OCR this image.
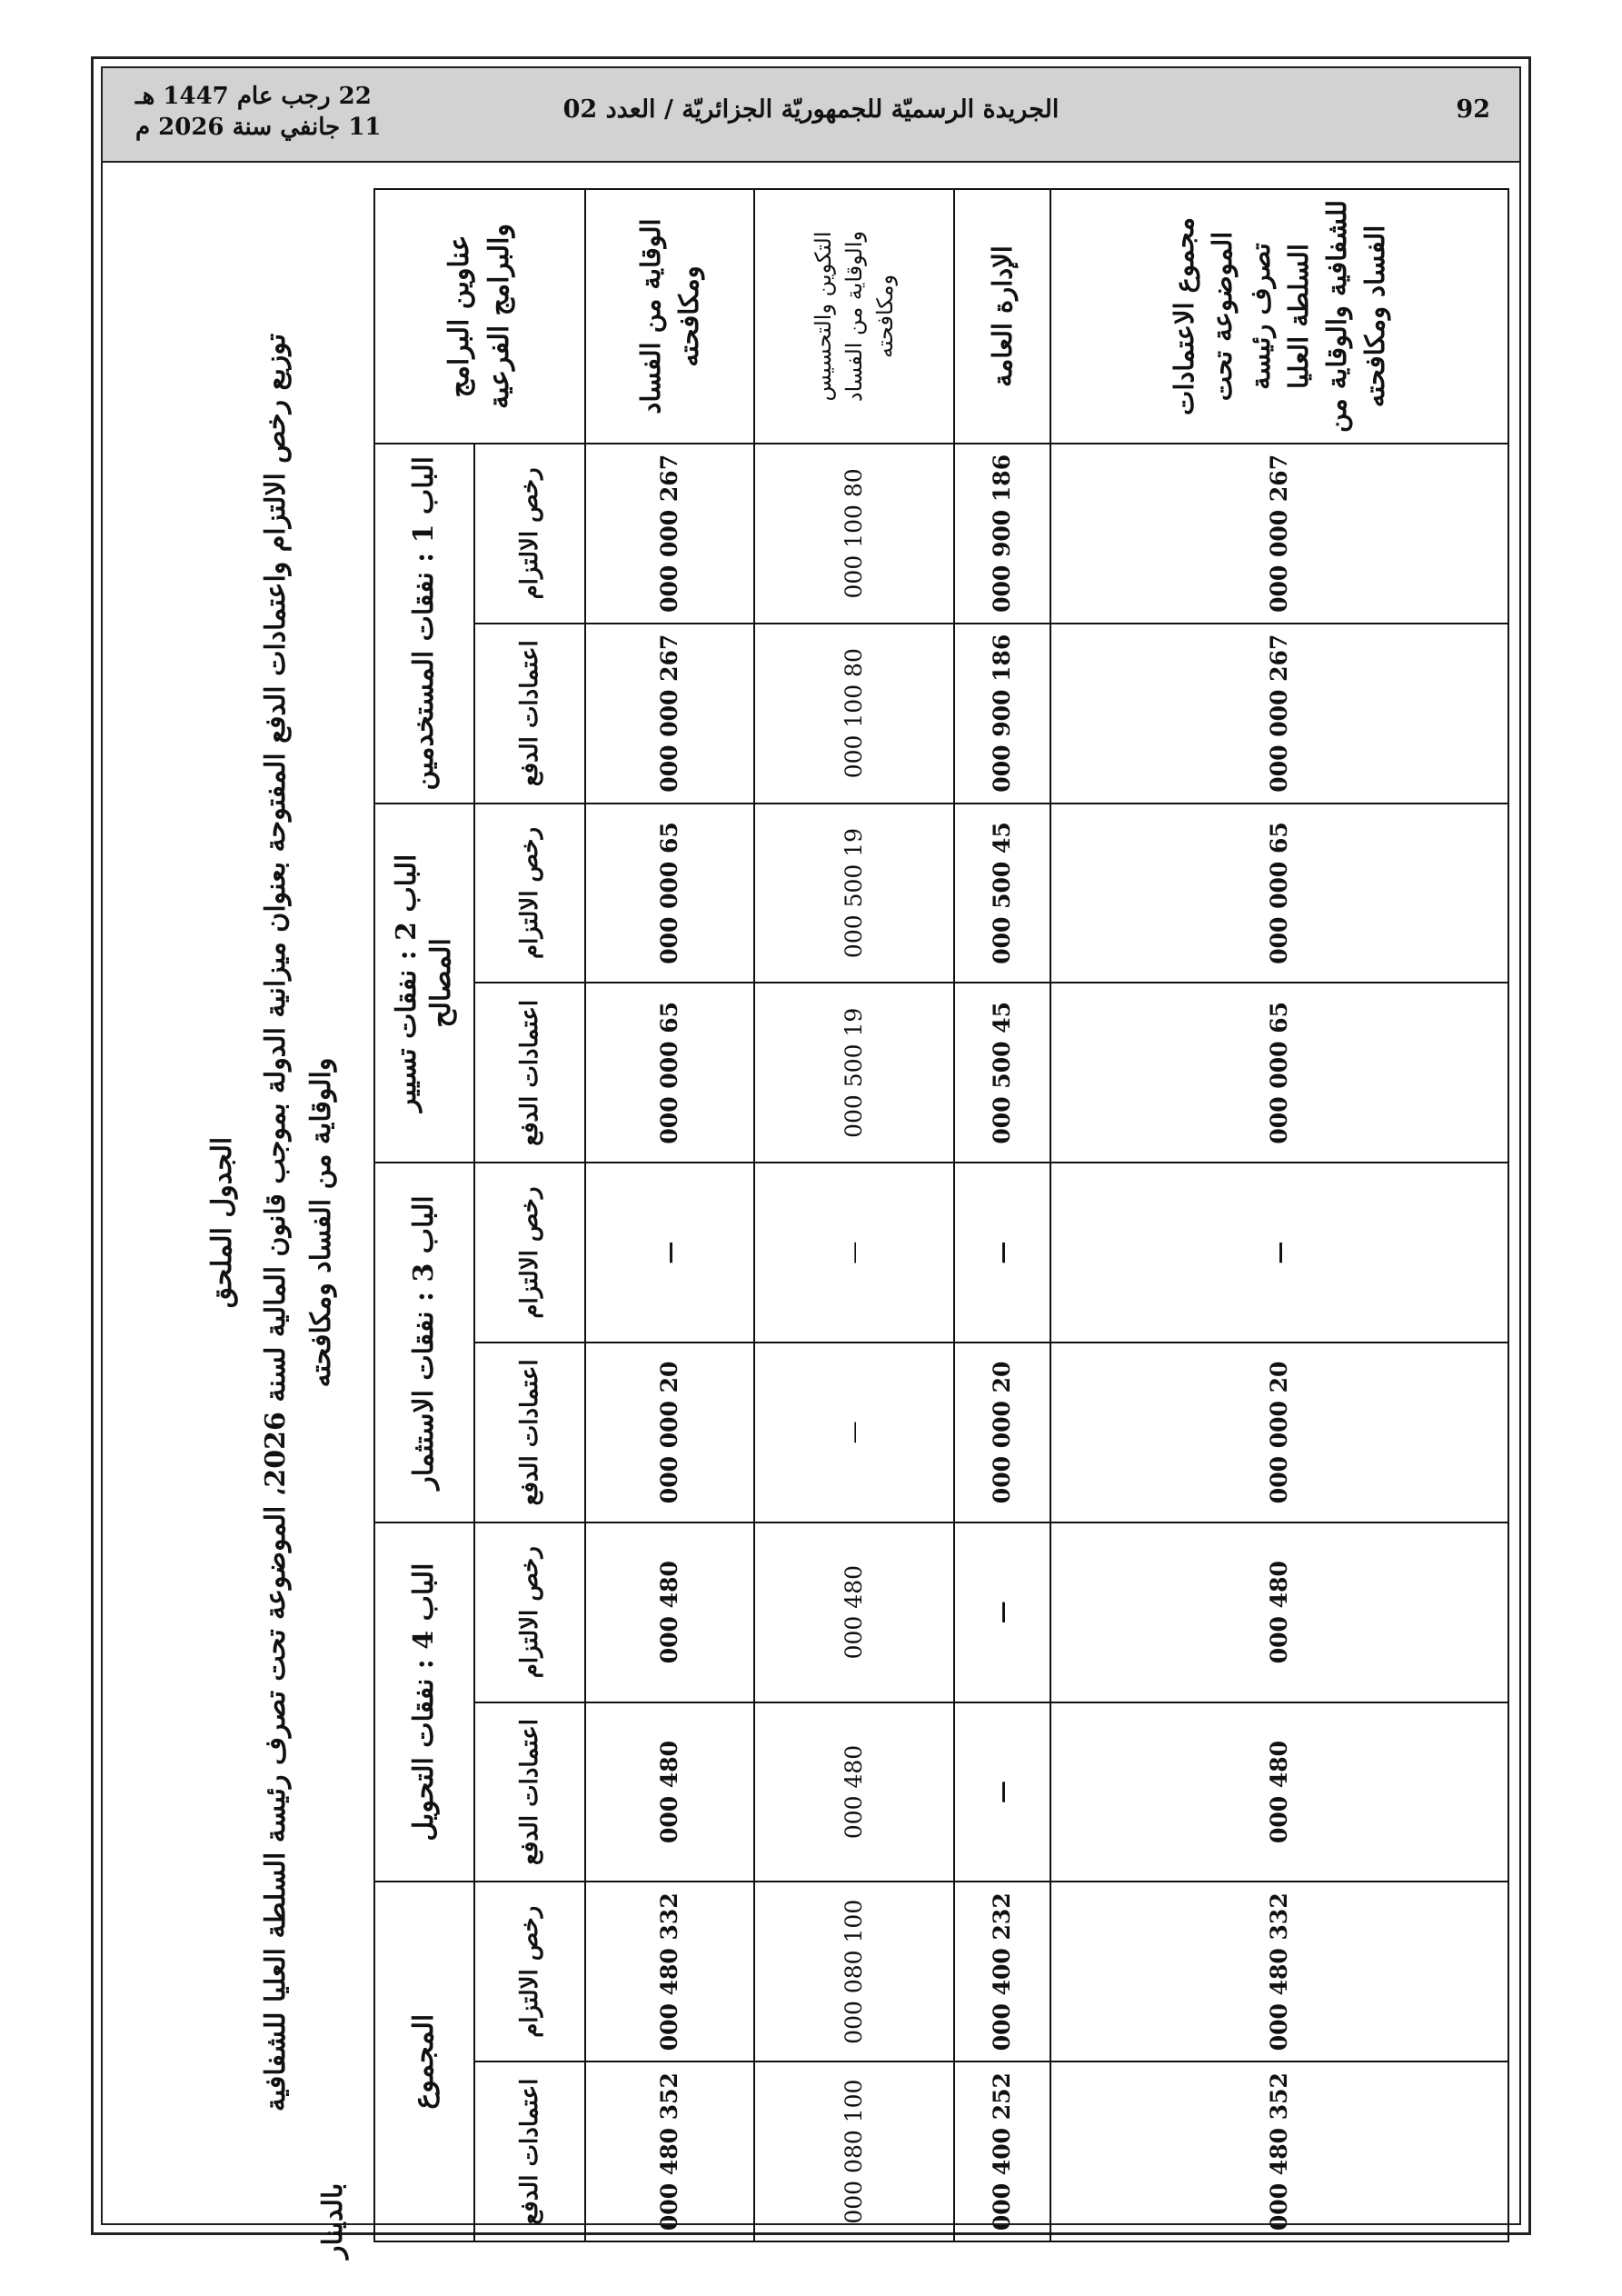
22 رجب عام 1447 هـ
11 جانفي سنة 2026 م
الجريدة الرسميّة للجمهوريّة الجزائريّة / العدد 02	92
الجدول الملحق
توزيع رخص الالتزام واعتمادات الدفع المفتوحة بعنوان ميزانية الدولة بموجب قانون المالية لسنة 2026، الموضوعة تحت تصرف رئيسة السلطة العليا للشفافية والوقاية من الفساد ومكافحته
بالدينار
عناوين البرامج والبرامج الفرعية	الباب 1 : نفقات المستخدمين		الباب 2 : نفقات تسيير المصالح		الباب 3 : نفقات الاستثمار		الباب 4 : نفقات التحويل		المجموع	
	رخص الالتزام	اعتمادات الدفع	رخص الالتزام	اعتمادات الدفع	رخص الالتزام	اعتمادات الدفع	رخص الالتزام	اعتمادات الدفع	رخص الالتزام	اعتمادات الدفع
الوقاية من الفساد ومكافحته	267 000 000	267 000 000	65 000 000	65 000 000	—	20 000 000	480 000	480 000	332 480 000	352 480 000
التكوين والتحسيس والوقاية من الفساد ومكافحته	80 100 000	80 100 000	19 500 000	19 500 000	—	—	480 000	480 000	100 080 000	100 080 000
الإدارة العامة	186 900 000	186 900 000	45 500 000	45 500 000	—	20 000 000	—	—	232 400 000	252 400 000
مجموع الاعتمادات الموضوعة تحت تصرف رئيسة السلطة العليا للشفافية والوقاية من الفساد ومكافحته	267 000 000	267 000 000	65 000 000	65 000 000	—	20 000 000	480 000	480 000	332 480 000	352 480 000
